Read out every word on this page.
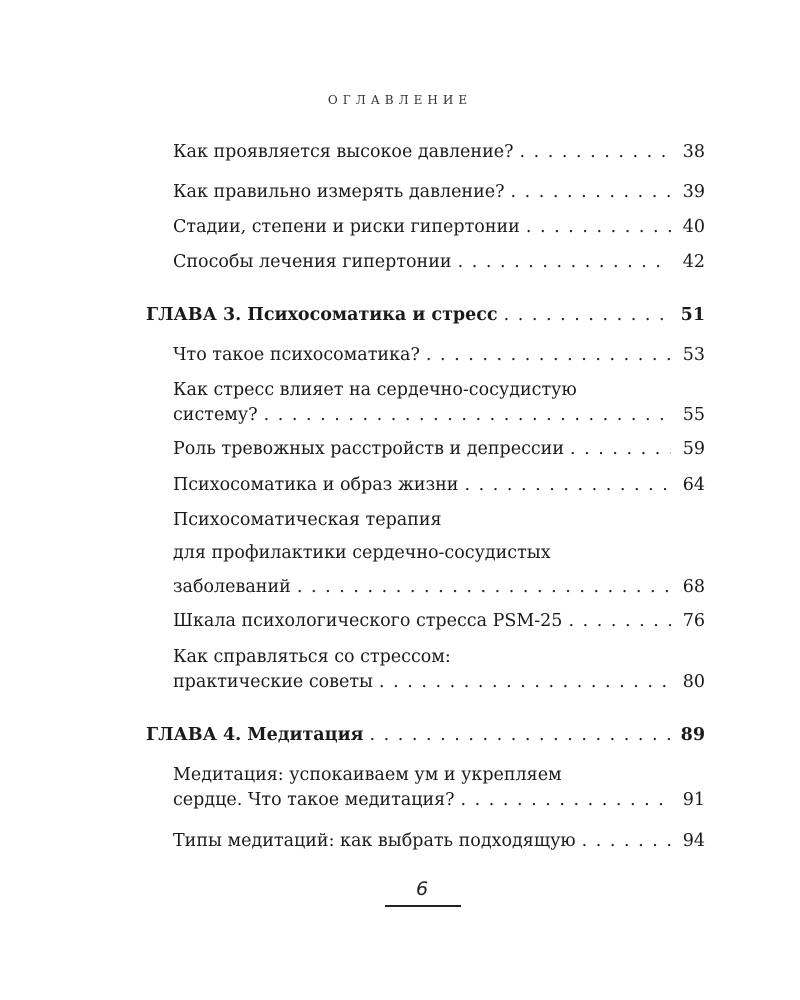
ОГЛАВЛЕНИЕ
Как проявляется высокое давление? . . .	38
Как правильно измерять давление? . . .	39
Стадии, степени и риски гипертонии . . .	40
Способы лечения гипертонии . . .	42
ГЛАВА 3. Психосоматика и стресс . . .	51
Что такое психосоматика? . . .	53
Как стресс влияет на сердечно-сосудистую
систему? . . .	55
Роль тревожных расстройств и депрессии . . .	59
Психосоматика и образ жизни . . .	64
Психосоматическая терапия
для профилактики сердечно-сосудистых
заболеваний . . .	68
Шкала психологического стресса PSM-25 . . .	76
Как справляться со стрессом:
практические советы . . .	80
ГЛАВА 4. Медитация . . .	89
Медитация: успокаиваем ум и укрепляем
сердце. Что такое медитация? . . .	91
Типы медитаций: как выбрать подходящую . . .	94
6
